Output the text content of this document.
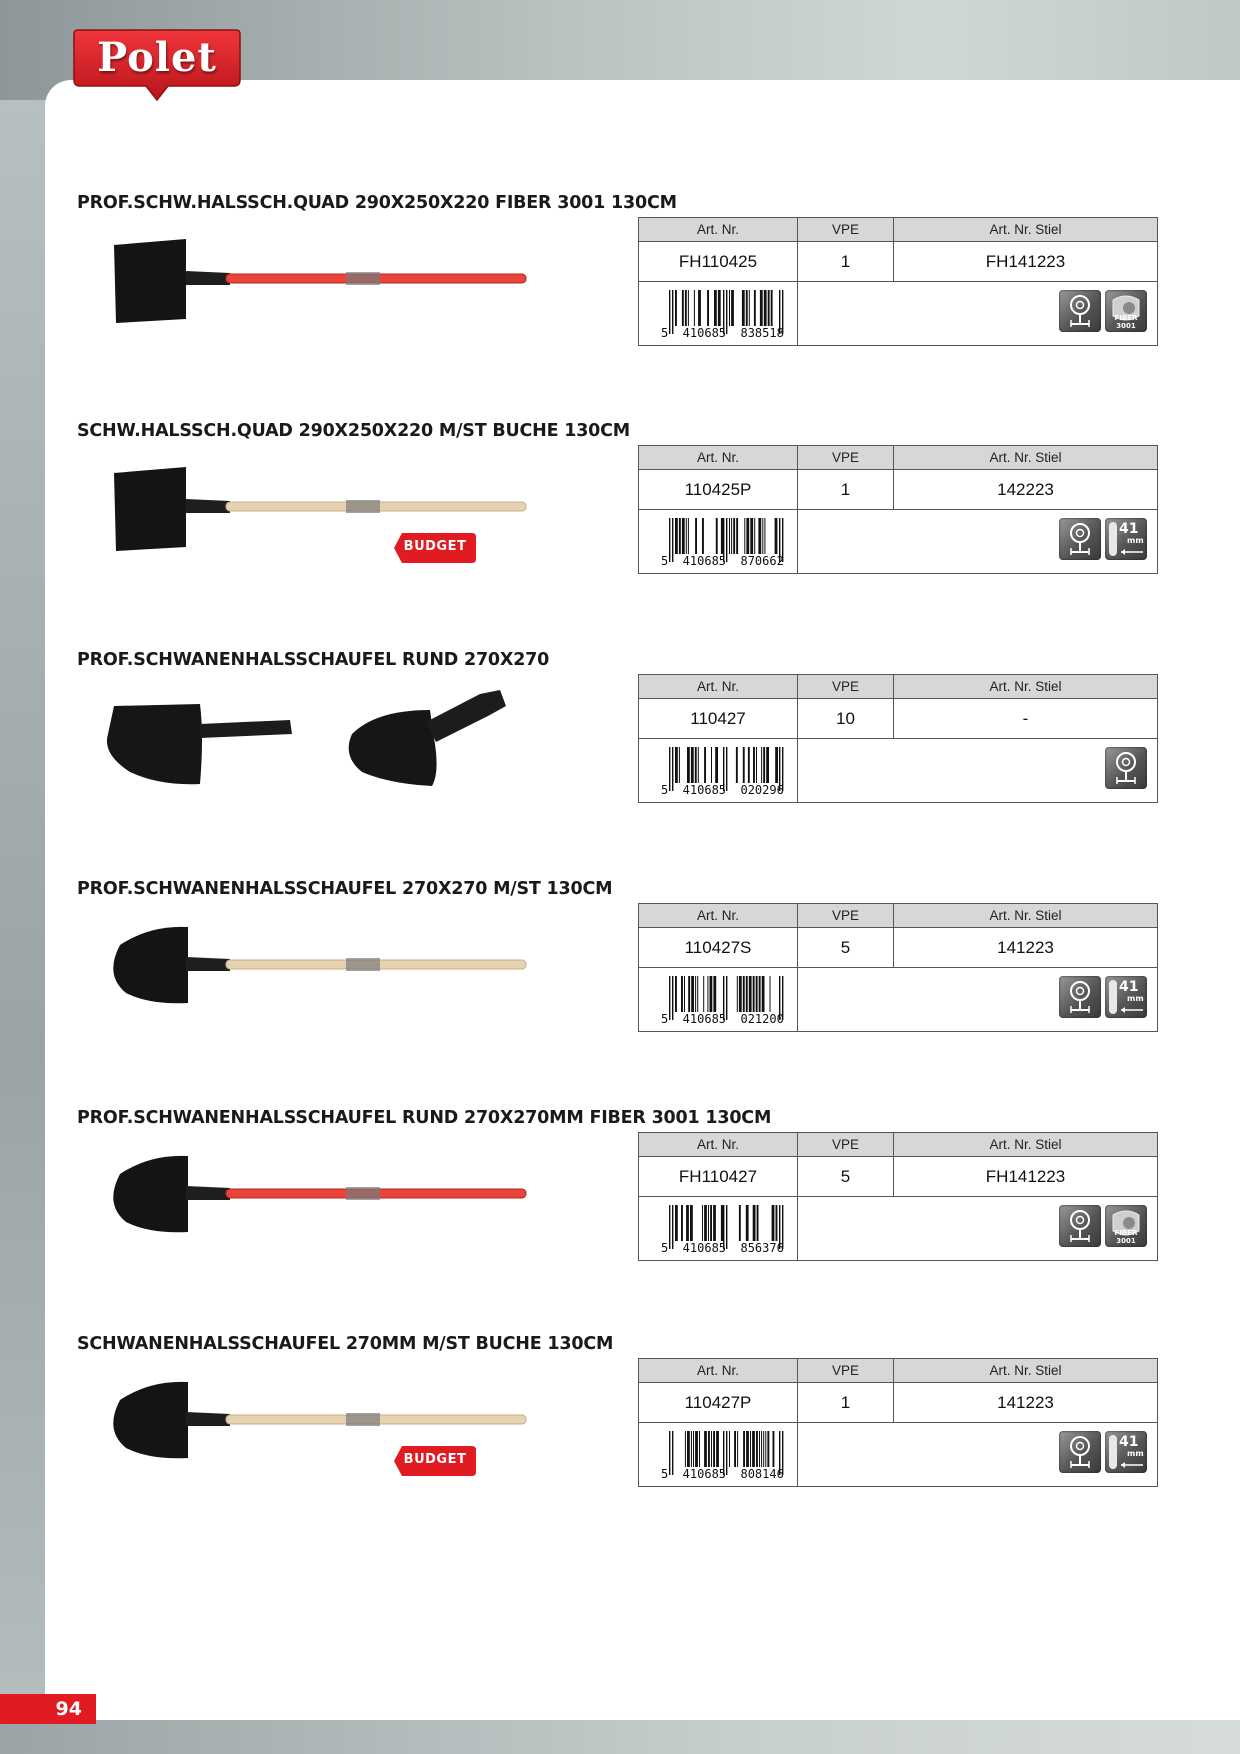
Polet
PROF.SCHW.HALSSCH.QUAD 290X250X220 FIBER 3001 130CM
Art. Nr.	VPE	Art. Nr. Stiel
FH110425	1	FH141223

5  410685  838518	FIBER 3001	
SCHW.HALSSCH.QUAD 290X250X220 M/ST BUCHE 130CM
Art. Nr.	VPE	Art. Nr. Stiel
110425P	1	142223

5  410685  870662	41
mm	
BUDGET
PROF.SCHWANENHALSSCHAUFEL RUND 270X270
Art. Nr.	VPE	Art. Nr. Stiel
110427	10	-

5  410685  020296

PROF.SCHWANENHALSSCHAUFEL 270X270 M/ST 130CM
Art. Nr.	VPE	Art. Nr. Stiel
110427S	5	141223

5  410685  021200	41
mm	
PROF.SCHWANENHALSSCHAUFEL RUND 270X270MM FIBER 3001 130CM
Art. Nr.	VPE	Art. Nr. Stiel
FH110427	5	FH141223

5  410685  856376	FIBER 3001	
SCHWANENHALSSCHAUFEL 270MM M/ST BUCHE 130CM
Art. Nr.	VPE	Art. Nr. Stiel
110427P	1	141223

5  410685  808146	41
mm	
BUDGET
94
